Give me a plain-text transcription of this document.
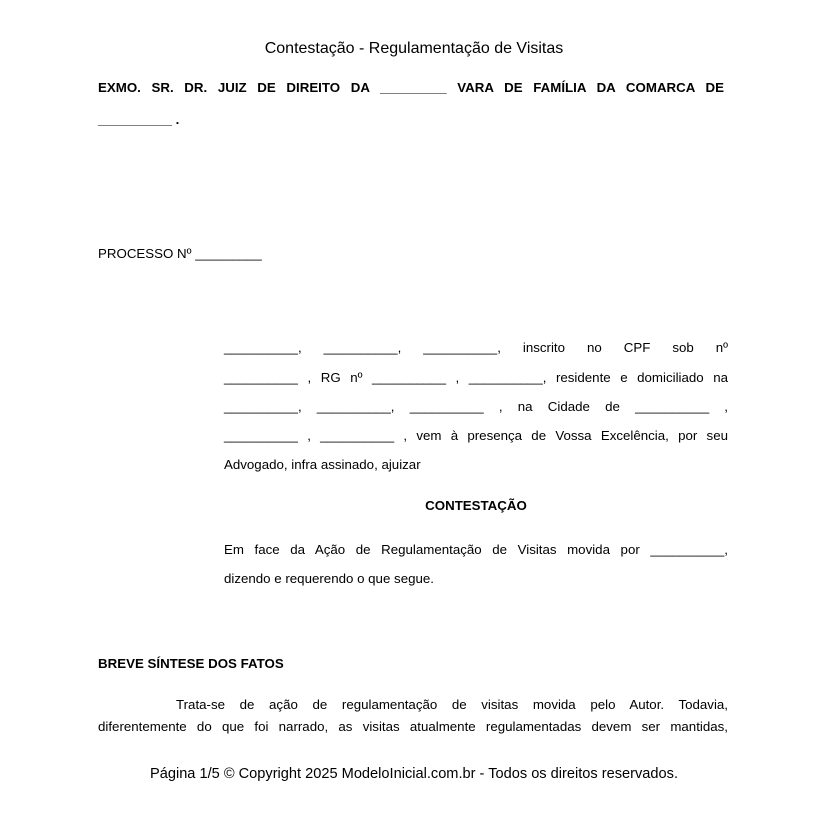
Contestação - Regulamentação de Visitas
EXMO. SR. DR. JUIZ DE DIREITO DA _________ VARA DE FAMÍLIA DA COMARCA DE
__________ .
PROCESSO Nº _________
__________, __________, __________, inscrito no CPF sob nº
__________ , RG nº __________ , __________, residente e domiciliado na
__________, __________, __________ , na Cidade de __________ ,
__________ , __________ , vem à presença de Vossa Excelência, por seu
Advogado, infra assinado, ajuizar
CONTESTAÇÃO
Em face da Ação de Regulamentação de Visitas movida por __________,
dizendo e requerendo o que segue.
BREVE SÍNTESE DOS FATOS
Trata-se de ação de regulamentação de visitas movida pelo Autor. Todavia,
diferentemente do que foi narrado, as visitas atualmente regulamentadas devem ser mantidas,
Página 1/5 © Copyright 2025 ModeloInicial.com.br - Todos os direitos reservados.
